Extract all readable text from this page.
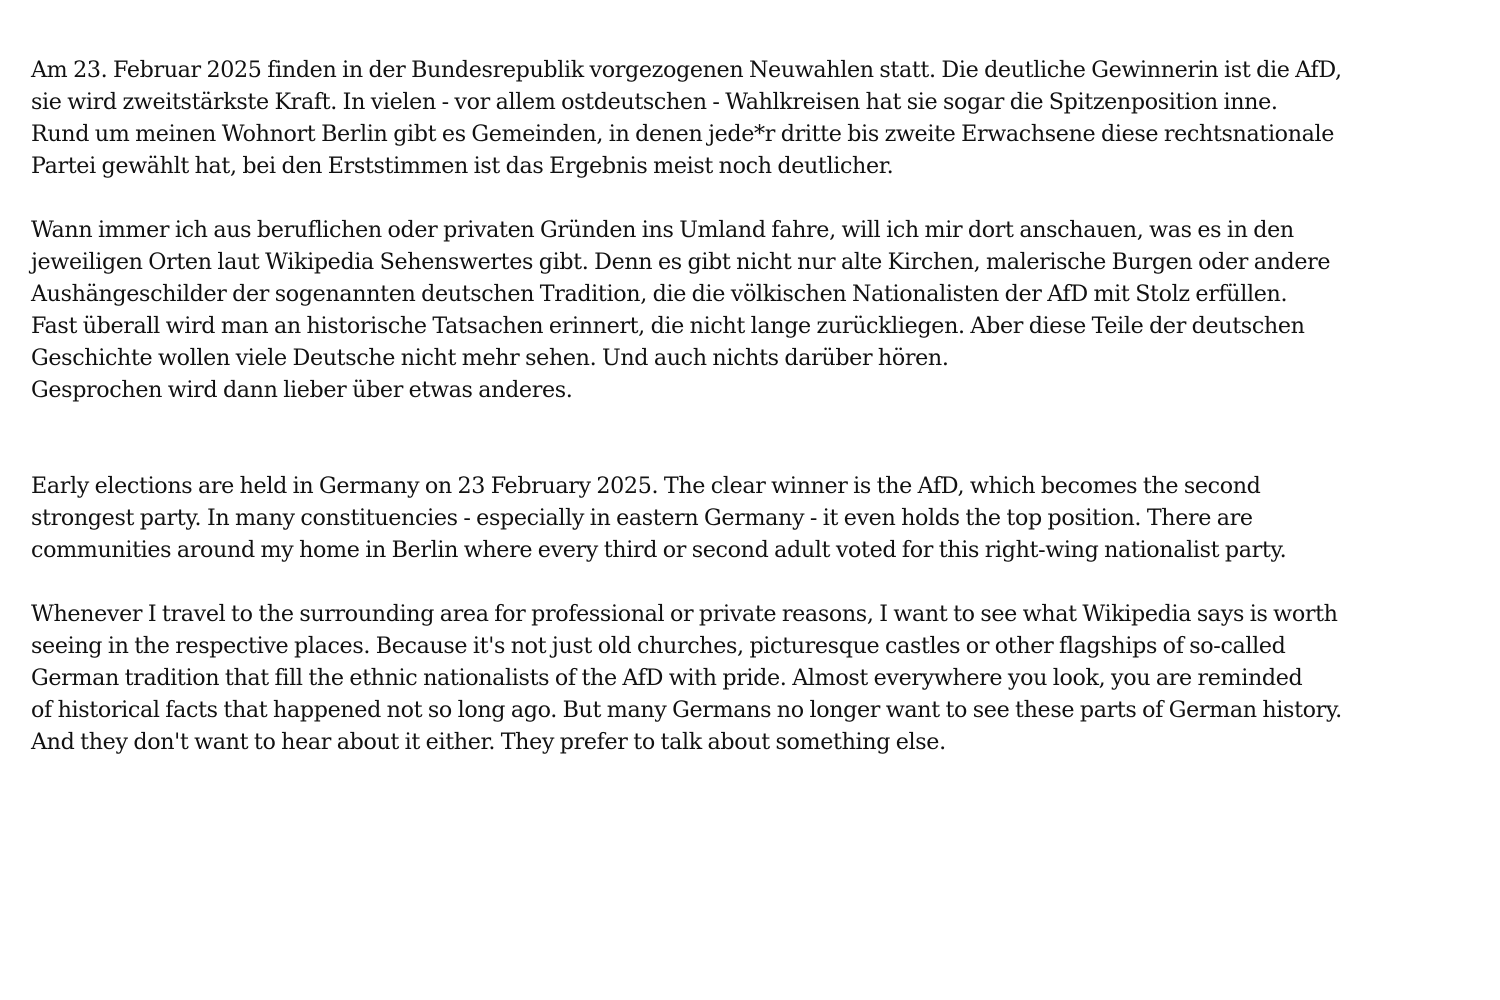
Am 23. Februar 2025 finden in der Bundesrepublik vorgezogenen Neuwahlen statt. Die deutliche Gewinnerin ist die AfD,
sie wird zweitstärkste Kraft. In vielen - vor allem ostdeutschen - Wahlkreisen hat sie sogar die Spitzenposition inne.
Rund um meinen Wohnort Berlin gibt es Gemeinden, in denen jede*r dritte bis zweite Erwachsene diese rechtsnationale
Partei gewählt hat, bei den Erststimmen ist das Ergebnis meist noch deutlicher.

Wann immer ich aus beruflichen oder privaten Gründen ins Umland fahre, will ich mir dort anschauen, was es in den
jeweiligen Orten laut Wikipedia Sehenswertes gibt. Denn es gibt nicht nur alte Kirchen, malerische Burgen oder andere
Aushängeschilder der sogenannten deutschen Tradition, die die völkischen Nationalisten der AfD mit Stolz erfüllen.
Fast überall wird man an historische Tatsachen erinnert, die nicht lange zurückliegen. Aber diese Teile der deutschen
Geschichte wollen viele Deutsche nicht mehr sehen. Und auch nichts darüber hören.
Gesprochen wird dann lieber über etwas anderes.

Early elections are held in Germany on 23 February 2025. The clear winner is the AfD, which becomes the second
strongest party. In many constituencies - especially in eastern Germany - it even holds the top position. There are
communities around my home in Berlin where every third or second adult voted for this right-wing nationalist party.

Whenever I travel to the surrounding area for professional or private reasons, I want to see what Wikipedia says is worth
seeing in the respective places. Because it's not just old churches, picturesque castles or other flagships of so-called
German tradition that fill the ethnic nationalists of the AfD with pride. Almost everywhere you look, you are reminded
of historical facts that happened not so long ago. But many Germans no longer want to see these parts of German history.
And they don't want to hear about it either. They prefer to talk about something else.
